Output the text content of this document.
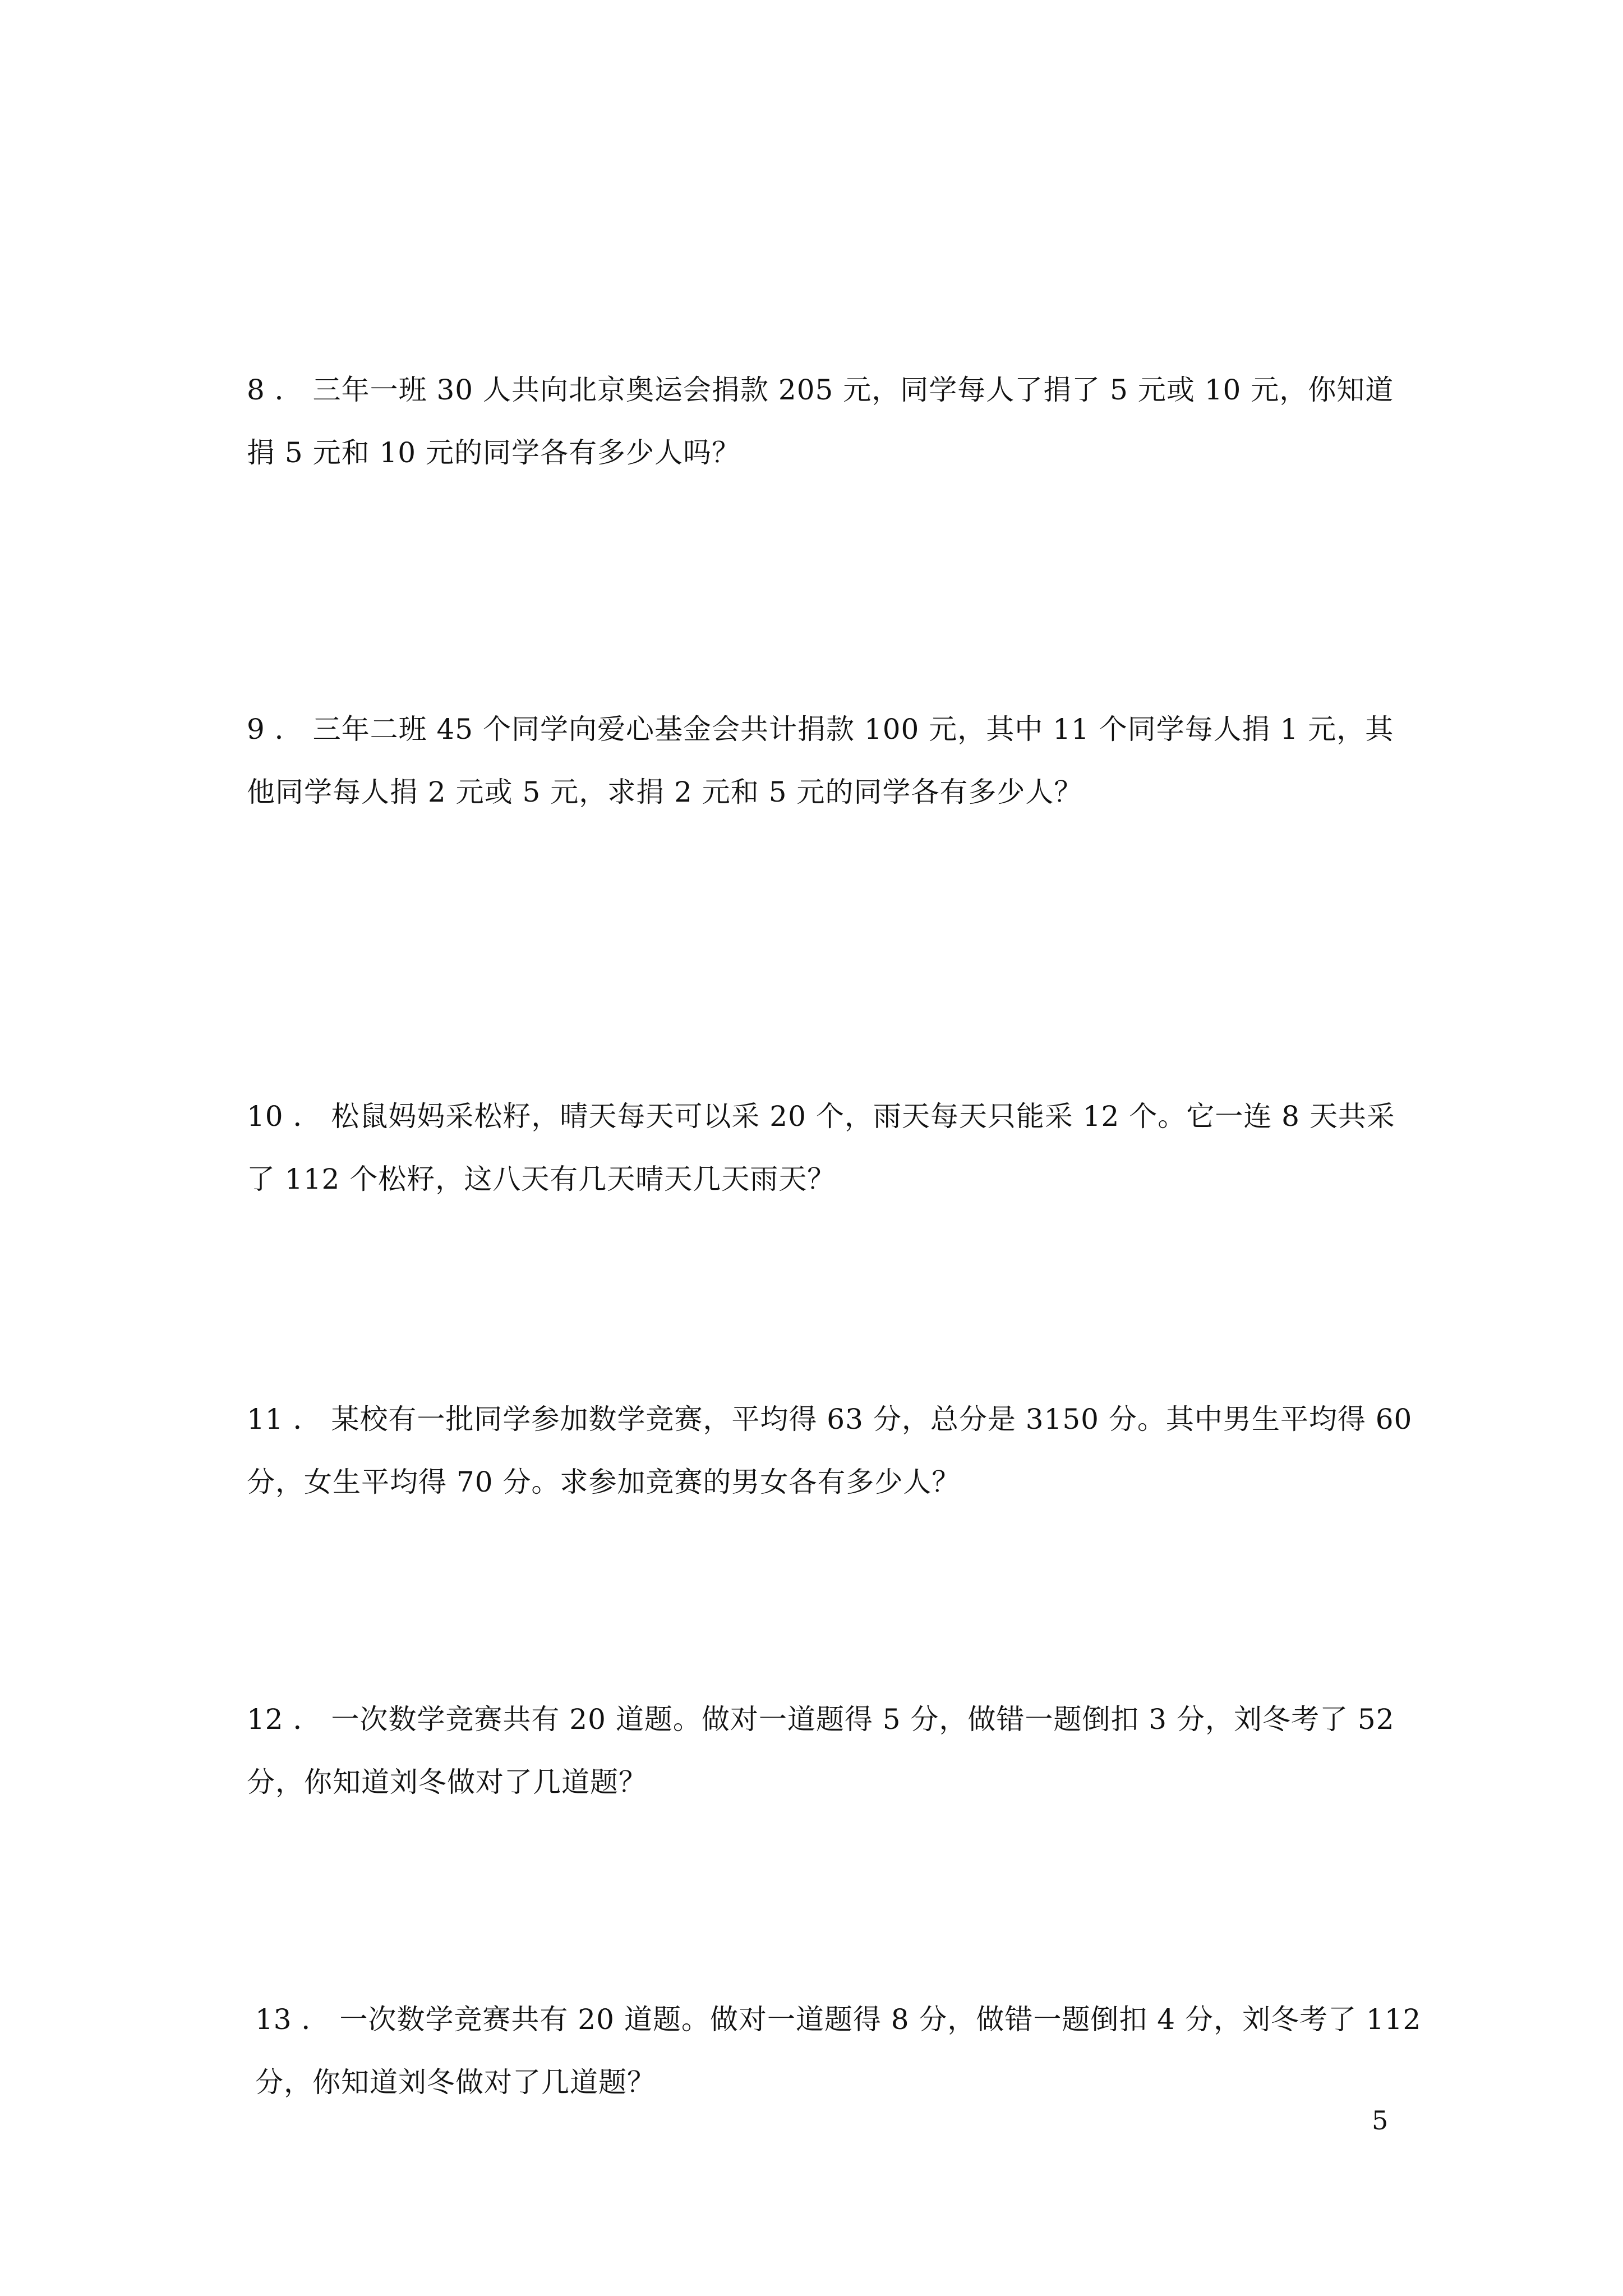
8 ． 三年一班 30 人共向北京奥运会捐款 205 元，同学每人了捐了 5 元或 10 元，你知道
捐 5 元和 10 元的同学各有多少人吗？
9 ． 三年二班 45 个同学向爱心基金会共计捐款 100 元，其中 11 个同学每人捐 1 元，其
他同学每人捐 2 元或 5 元，求捐 2 元和 5 元的同学各有多少人？
10 ． 松鼠妈妈采松籽，晴天每天可以采 20 个，雨天每天只能采 12 个。它一连 8 天共采
了 112 个松籽，这八天有几天晴天几天雨天？
11 ． 某校有一批同学参加数学竞赛，平均得 63 分，总分是 3150 分。其中男生平均得 60
分，女生平均得 70 分。求参加竞赛的男女各有多少人？
12 ． 一次数学竞赛共有 20 道题。做对一道题得 5 分，做错一题倒扣 3 分，刘冬考了 52
分，你知道刘冬做对了几道题？
13 ． 一次数学竞赛共有 20 道题。做对一道题得 8 分，做错一题倒扣 4 分，刘冬考了 112
分，你知道刘冬做对了几道题？
5
